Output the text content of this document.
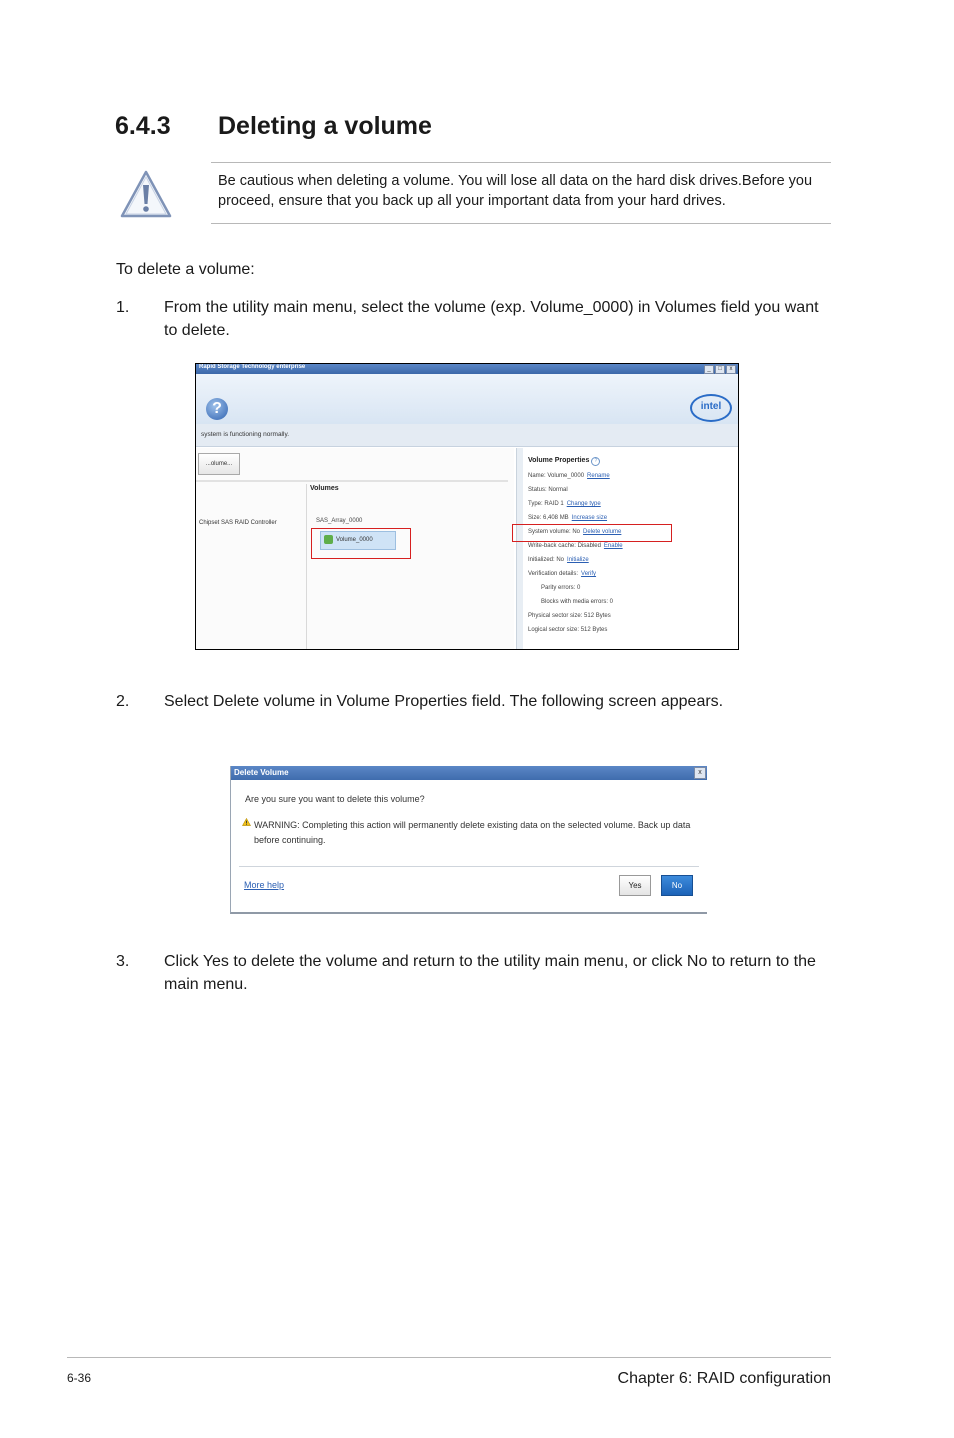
6.4.3	Deleting a volume

Be cautious when deleting a volume. You will lose all data on the hard disk drives.Before you proceed, ensure that you back up all your important data from your hard drives.

To delete a volume:

1. From the utility main menu, select the volume (exp. Volume_0000) in Volumes field you want to delete.
Rapid Storage Technology enterprise	_	□	x
?	intel
system is functioning normally.
...olume...
Chipset SAS RAID Controller
Volumes
SAS_Array_0000
Volume_0000
Volume Properties ?
Name: Volume_0000 Rename
Status: Normal
Type: RAID 1 Change type
Size: 6,408 MB Increase size
System volume: No Delete volume
Write-back cache: Disabled Enable
Initialized: No Initialize
Verification details: Verify
Parity errors: 0
Blocks with media errors: 0
Physical sector size: 512 Bytes
Logical sector size: 512 Bytes
2. Select Delete volume in Volume Properties field. The following screen appears.
Delete Volume	x
Are you sure you want to delete this volume?
WARNING: Completing this action will permanently delete existing data on the selected volume. Back up data before continuing.
More help	Yes	No
3. Click Yes to delete the volume and return to the utility main menu, or click No to return to the main menu.
6-36	Chapter 6: RAID configuration
